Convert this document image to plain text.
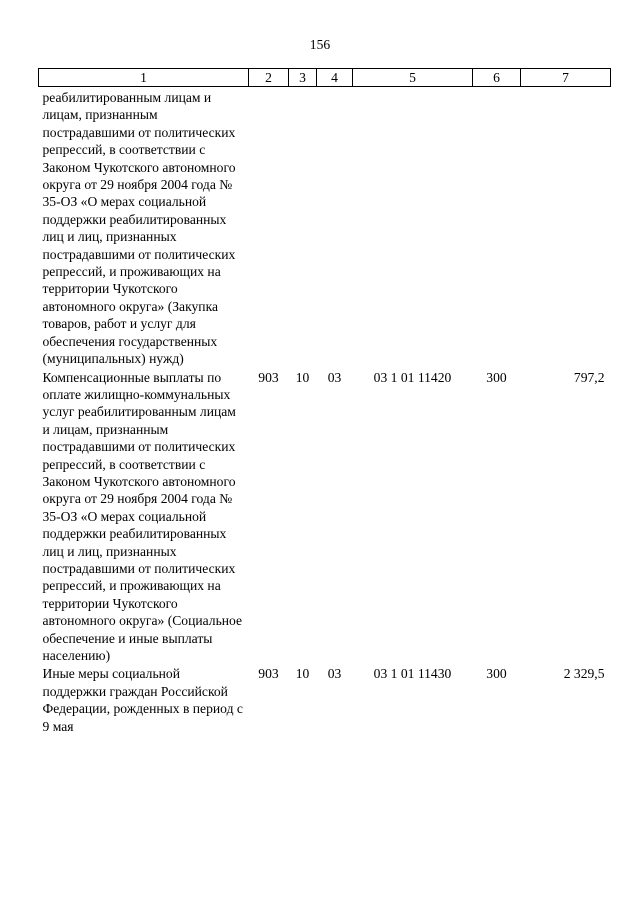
156
1	2	3	4	5	6	7
реабилитированным лицам и лицам, признанным пострадавшими от политических репрессий, в соответствии с Законом Чукотского автономного округа от 29 ноября 2004 года № 35-ОЗ «О мерах социальной поддержки реабилитированных лиц и лиц, признанных пострадавшими от политических репрессий, и проживающих на территории Чукотского автономного округа» (Закупка товаров, работ и услуг для обеспечения государственных (муниципальных) нужд)						
Компенсационные выплаты по оплате жилищно-коммунальных услуг реабилитированным лицам и лицам, признанным пострадавшими от политических репрессий, в соответствии с Законом Чукотского автономного округа от 29 ноября 2004 года № 35-ОЗ «О мерах социальной поддержки реабилитированных лиц и лиц, признанных пострадавшими от политических репрессий, и проживающих на территории Чукотского автономного округа» (Социальное обеспечение и иные выплаты населению)	903	10	03	03 1 01 11420	300	797,2
Иные меры социальной поддержки граждан Российской Федерации, рожденных в период с 9 мая	903	10	03	03 1 01 11430	300	2 329,5
